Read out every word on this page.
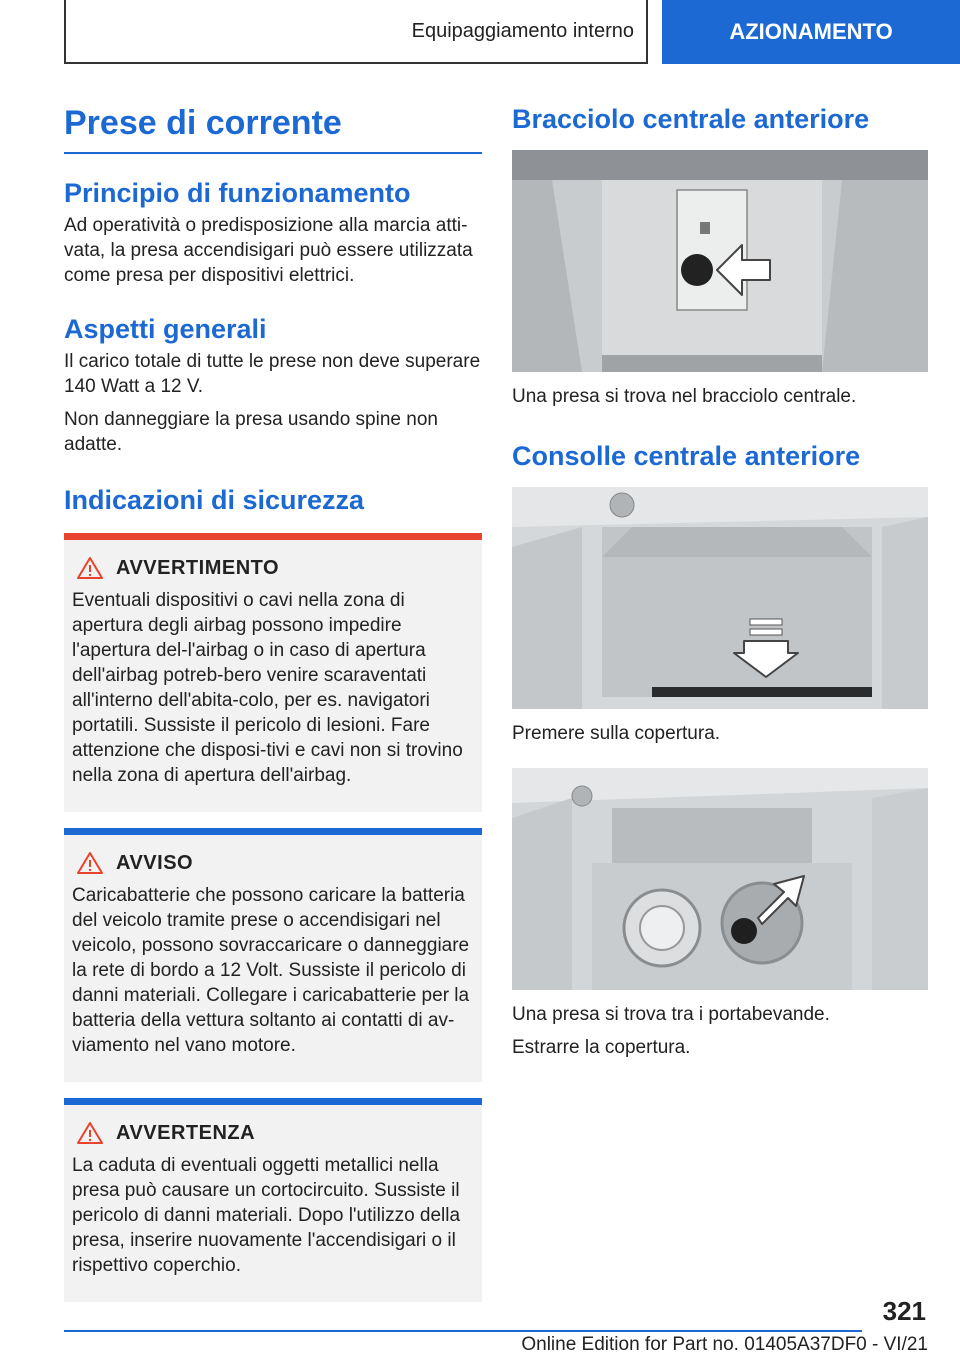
Equipaggiamento interno	AZIONAMENTO
Prese di corrente
Principio di funzionamento

Ad operatività o predisposizione alla marcia atti-vata, la presa accendisigari può essere utilizzata come presa per dispositivi elettrici.

Aspetti generali

Il carico totale di tutte le prese non deve superare 140 Watt a 12 V.

Non danneggiare la presa usando spine non adatte.

Indicazioni di sicurezza
AVVERTIMENTO

Eventuali dispositivi o cavi nella zona di apertura degli airbag possono impedire l'apertura del-l'airbag o in caso di apertura dell'airbag potreb-bero venire scaraventati all'interno dell'abita-colo, per es. navigatori portatili. Sussiste il pericolo di lesioni. Fare attenzione che disposi-tivi e cavi non si trovino nella zona di apertura dell'airbag.

AVVISO

Caricabatterie che possono caricare la batteria del veicolo tramite prese o accendisigari nel veicolo, possono sovraccaricare o danneggiare la rete di bordo a 12 Volt. Sussiste il pericolo di danni materiali. Collegare i caricabatterie per la batteria della vettura soltanto ai contatti di av-viamento nel vano motore.

AVVERTENZA

La caduta di eventuali oggetti metallici nella presa può causare un cortocircuito. Sussiste il pericolo di danni materiali. Dopo l'utilizzo della presa, inserire nuovamente l'accendisigari o il rispettivo coperchio.

Bracciolo centrale anteriore

Una presa si trova nel bracciolo centrale.

Consolle centrale anteriore

Premere sulla copertura.

Una presa si trova tra i portabevande.

Estrarre la copertura.

321
Online Edition for Part no. 01405A37DF0 - VI/21
